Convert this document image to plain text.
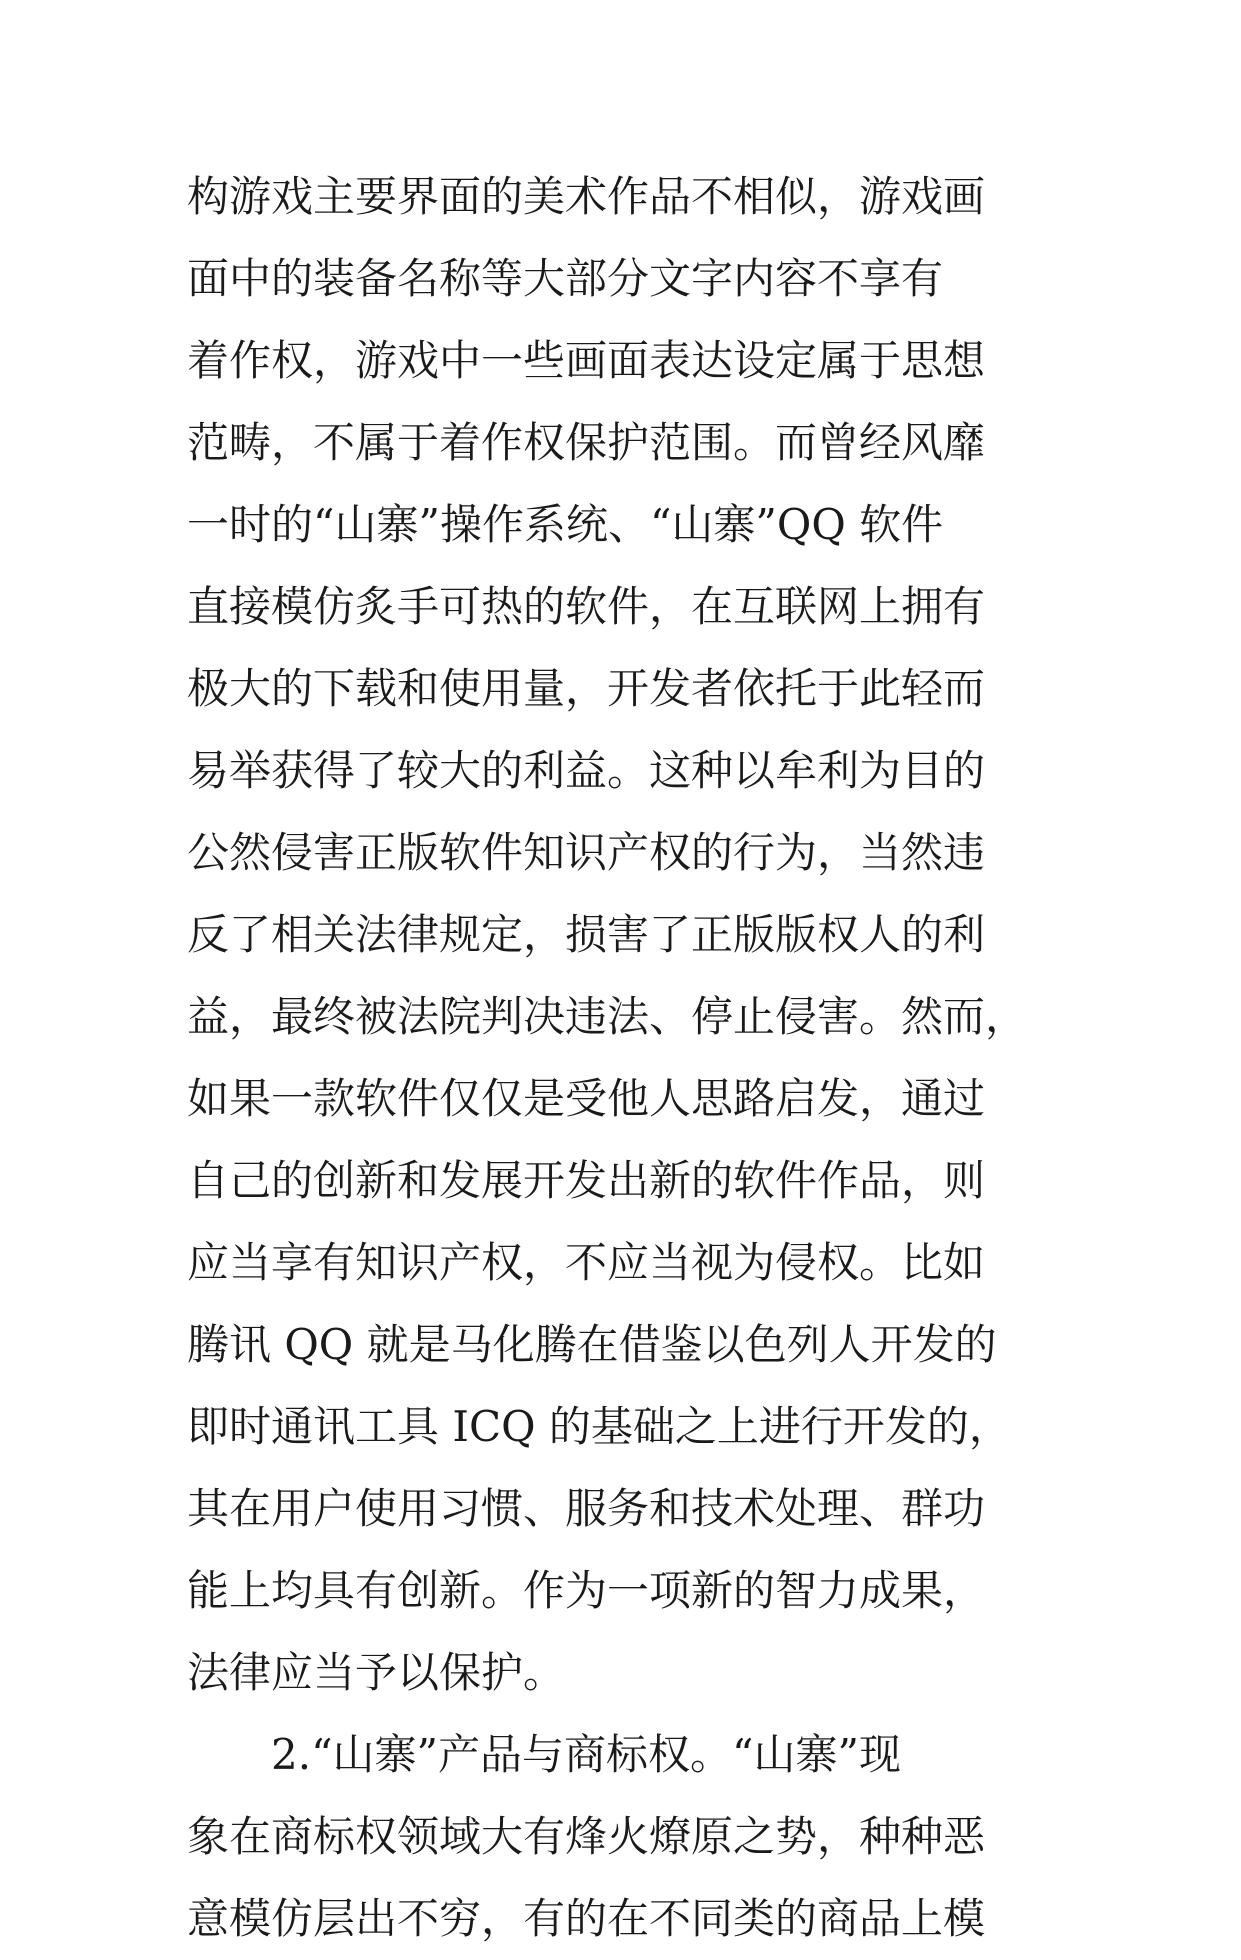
构游戏主要界面的美术作品不相似，游戏画
面中的装备名称等大部分文字内容不享有
着作权，游戏中一些画面表达设定属于思想
范畴，不属于着作权保护范围。而曾经风靡
一时的“山寨”操作系统、“山寨”QQ 软件
直接模仿炙手可热的软件，在互联网上拥有
极大的下载和使用量，开发者依托于此轻而
易举获得了较大的利益。这种以牟利为目的
公然侵害正版软件知识产权的行为，当然违
反了相关法律规定，损害了正版版权人的利
益，最终被法院判决违法、停止侵害。然而，
如果一款软件仅仅是受他人思路启发，通过
自己的创新和发展开发出新的软件作品，则
应当享有知识产权，不应当视为侵权。比如
腾讯 QQ 就是马化腾在借鉴以色列人开发的
即时通讯工具 ICQ 的基础之上进行开发的，
其在用户使用习惯、服务和技术处理、群功
能上均具有创新。作为一项新的智力成果，
法律应当予以保护。
2.“山寨”产品与商标权。“山寨”现
象在商标权领域大有烽火燎原之势，种种恶
意模仿层出不穷，有的在不同类的商品上模
